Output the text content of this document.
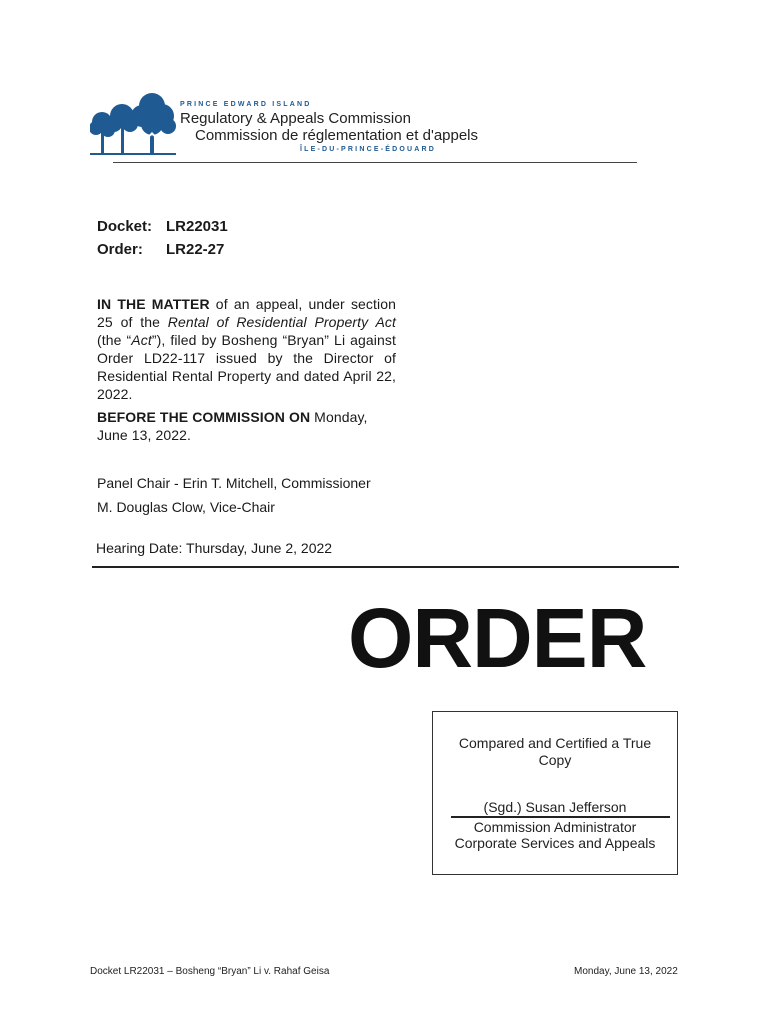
PRINCE EDWARD ISLAND
Regulatory & Appeals Commission
Commission de réglementation et d'appels
ÎLE-DU-PRINCE-ÉDOUARD
Docket: LR22031
Order: LR22-27
IN THE MATTER of an appeal, under section 25 of the Rental of Residential Property Act (the “Act”), filed by Bosheng “Bryan” Li against Order LD22-117 issued by the Director of Residential Rental Property and dated April 22, 2022.
BEFORE THE COMMISSION ON Monday, June 13, 2022.
Panel Chair - Erin T. Mitchell, Commissioner
M. Douglas Clow, Vice-Chair
Hearing Date: Thursday, June 2, 2022
ORDER
Compared and Certified a True
Copy
(Sgd.) Susan Jefferson
Commission Administrator
Corporate Services and Appeals
Docket LR22031 – Bosheng “Bryan” Li v. Rahaf Geisa	Monday, June 13, 2022
